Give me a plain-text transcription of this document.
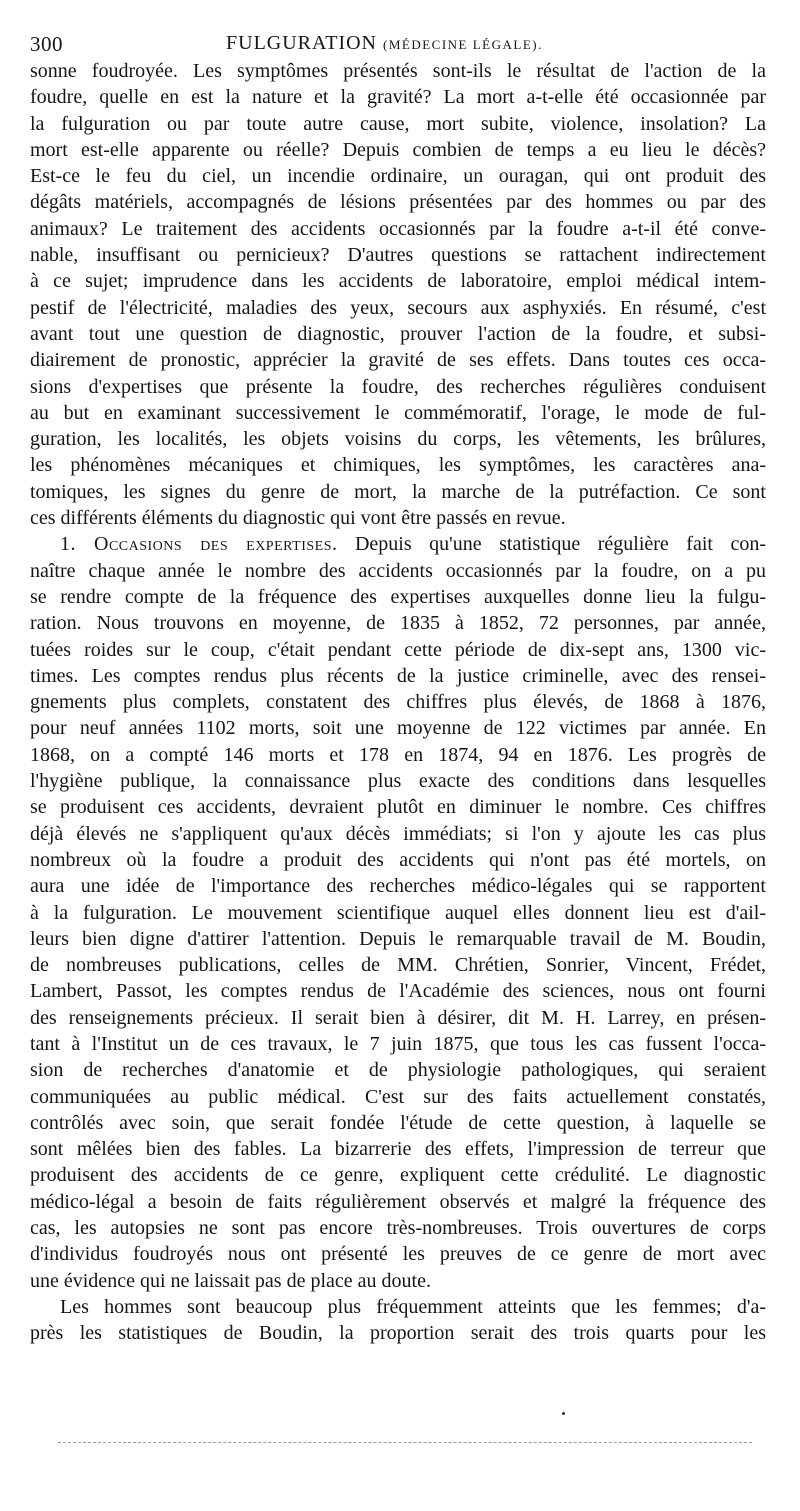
300	FULGURATION (MÉDECINE LÉGALE).
sonne foudroyée. Les symptômes présentés sont-ils le résultat de l'action de la
foudre, quelle en est la nature et la gravité? La mort a-t-elle été occasionnée par
la fulguration ou par toute autre cause, mort subite, violence, insolation? La
mort est-elle apparente ou réelle? Depuis combien de temps a eu lieu le décès?
Est-ce le feu du ciel, un incendie ordinaire, un ouragan, qui ont produit des
dégâts matériels, accompagnés de lésions présentées par des hommes ou par des
animaux? Le traitement des accidents occasionnés par la foudre a-t-il été conve-
nable, insuffisant ou pernicieux? D'autres questions se rattachent indirectement
à ce sujet; imprudence dans les accidents de laboratoire, emploi médical intem-
pestif de l'électricité, maladies des yeux, secours aux asphyxiés. En résumé, c'est
avant tout une question de diagnostic, prouver l'action de la foudre, et subsi-
diairement de pronostic, apprécier la gravité de ses effets. Dans toutes ces occa-
sions d'expertises que présente la foudre, des recherches régulières conduisent
au but en examinant successivement le commémoratif, l'orage, le mode de ful-
guration, les localités, les objets voisins du corps, les vêtements, les brûlures,
les phénomènes mécaniques et chimiques, les symptômes, les caractères ana-
tomiques, les signes du genre de mort, la marche de la putréfaction. Ce sont
ces différents éléments du diagnostic qui vont être passés en revue.
1. Occasions des expertises. Depuis qu'une statistique régulière fait con-
naître chaque année le nombre des accidents occasionnés par la foudre, on a pu
se rendre compte de la fréquence des expertises auxquelles donne lieu la fulgu-
ration. Nous trouvons en moyenne, de 1835 à 1852, 72 personnes, par année,
tuées roides sur le coup, c'était pendant cette période de dix-sept ans, 1300 vic-
times. Les comptes rendus plus récents de la justice criminelle, avec des rensei-
gnements plus complets, constatent des chiffres plus élevés, de 1868 à 1876,
pour neuf années 1102 morts, soit une moyenne de 122 victimes par année. En
1868, on a compté 146 morts et 178 en 1874, 94 en 1876. Les progrès de
l'hygiène publique, la connaissance plus exacte des conditions dans lesquelles
se produisent ces accidents, devraient plutôt en diminuer le nombre. Ces chiffres
déjà élevés ne s'appliquent qu'aux décès immédiats; si l'on y ajoute les cas plus
nombreux où la foudre a produit des accidents qui n'ont pas été mortels, on
aura une idée de l'importance des recherches médico-légales qui se rapportent
à la fulguration. Le mouvement scientifique auquel elles donnent lieu est d'ail-
leurs bien digne d'attirer l'attention. Depuis le remarquable travail de M. Boudin,
de nombreuses publications, celles de MM. Chrétien, Sonrier, Vincent, Frédet,
Lambert, Passot, les comptes rendus de l'Académie des sciences, nous ont fourni
des renseignements précieux. Il serait bien à désirer, dit M. H. Larrey, en présen-
tant à l'Institut un de ces travaux, le 7 juin 1875, que tous les cas fussent l'occa-
sion de recherches d'anatomie et de physiologie pathologiques, qui seraient
communiquées au public médical. C'est sur des faits actuellement constatés,
contrôlés avec soin, que serait fondée l'étude de cette question, à laquelle se
sont mêlées bien des fables. La bizarrerie des effets, l'impression de terreur que
produisent des accidents de ce genre, expliquent cette crédulité. Le diagnostic
médico-légal a besoin de faits régulièrement observés et malgré la fréquence des
cas, les autopsies ne sont pas encore très-nombreuses. Trois ouvertures de corps
d'individus foudroyés nous ont présenté les preuves de ce genre de mort avec
une évidence qui ne laissait pas de place au doute.
Les hommes sont beaucoup plus fréquemment atteints que les femmes; d'a-
près les statistiques de Boudin, la proportion serait des trois quarts pour les
